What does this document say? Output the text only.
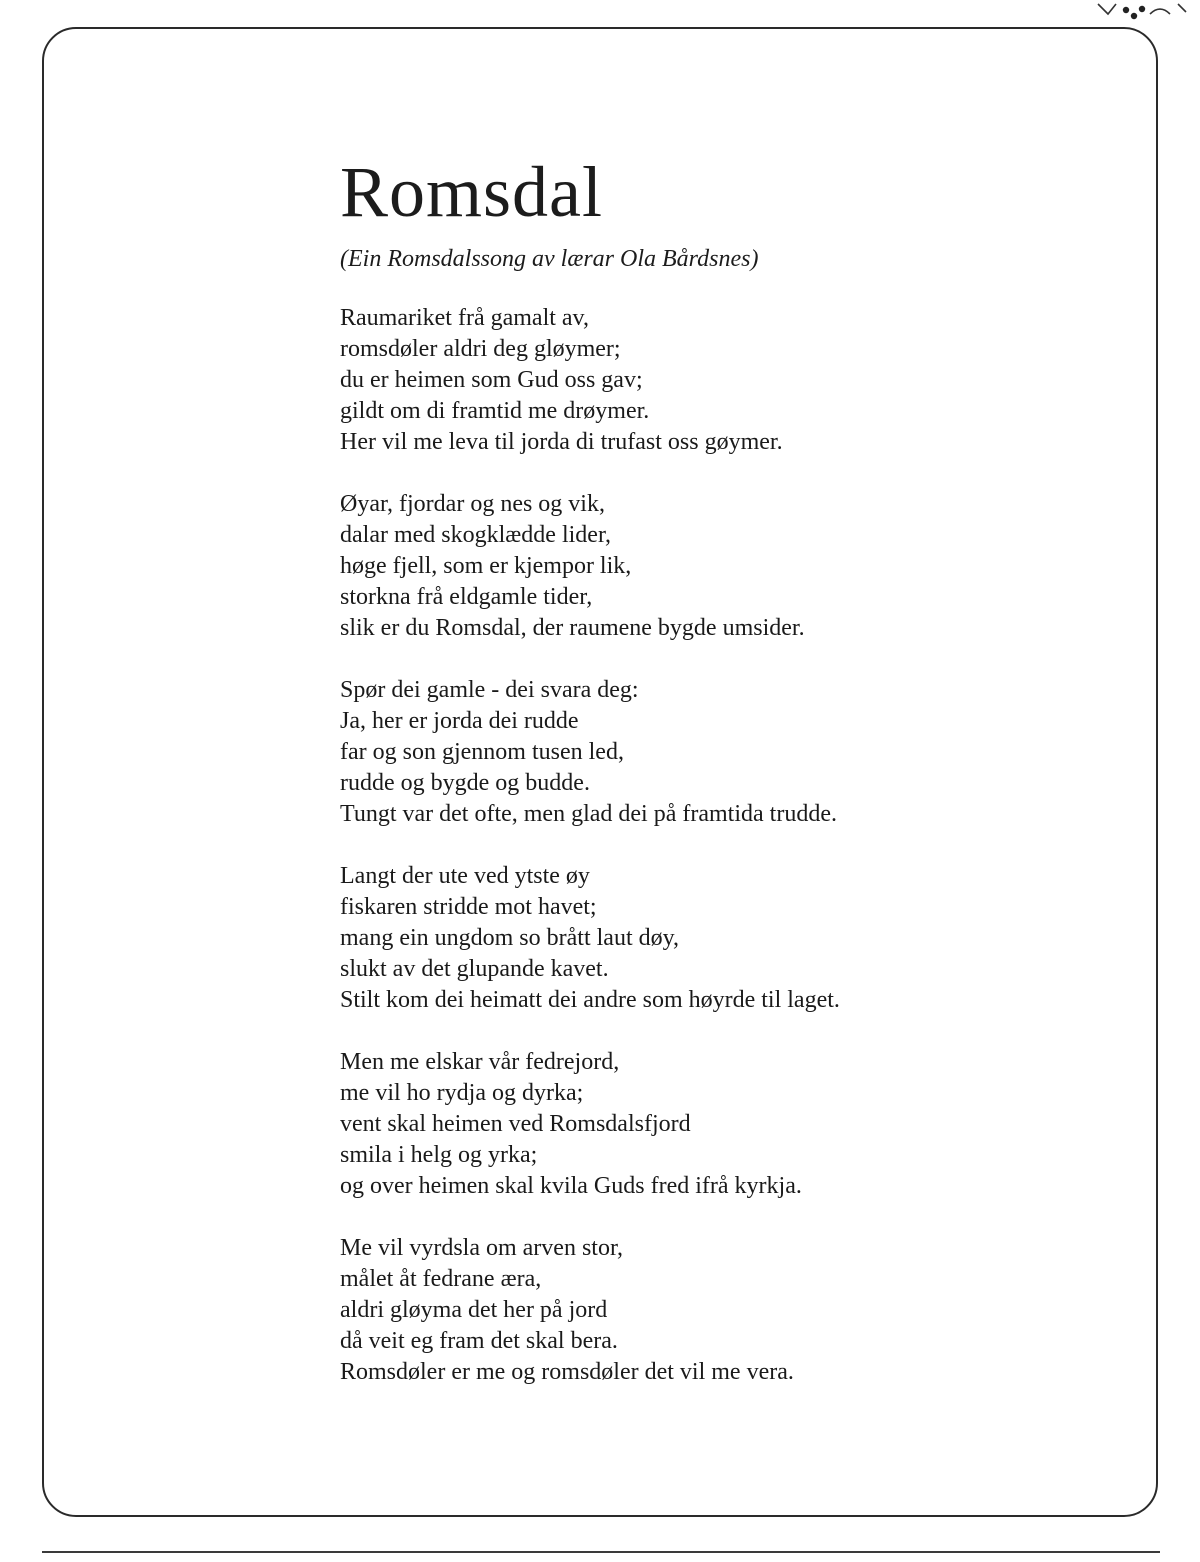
Romsdal
(Ein Romsdalssong av lærar Ola Bårdsnes)
Raumariket frå gamalt av,
romsdøler aldri deg gløymer;
du er heimen som Gud oss gav;
gildt om di framtid me drøymer.
Her vil me leva til jorda di trufast oss gøymer.
Øyar, fjordar og nes og vik,
dalar med skogklædde lider,
høge fjell, som er kjempor lik,
storkna frå eldgamle tider,
slik er du Romsdal, der raumene bygde umsider.
Spør dei gamle - dei svara deg:
Ja, her er jorda dei rudde
far og son gjennom tusen led,
rudde og bygde og budde.
Tungt var det ofte, men glad dei på framtida trudde.
Langt der ute ved ytste øy
fiskaren stridde mot havet;
mang ein ungdom so brått laut døy,
slukt av det glupande kavet.
Stilt kom dei heimatt dei andre som høyrde til laget.
Men me elskar vår fedrejord,
me vil ho rydja og dyrka;
vent skal heimen ved Romsdalsfjord
smila i helg og yrka;
og over heimen skal kvila Guds fred ifrå kyrkja.
Me vil vyrdsla om arven stor,
målet åt fedrane æra,
aldri gløyma det her på jord
då veit eg fram det skal bera.
Romsdøler er me og romsdøler det vil me vera.
